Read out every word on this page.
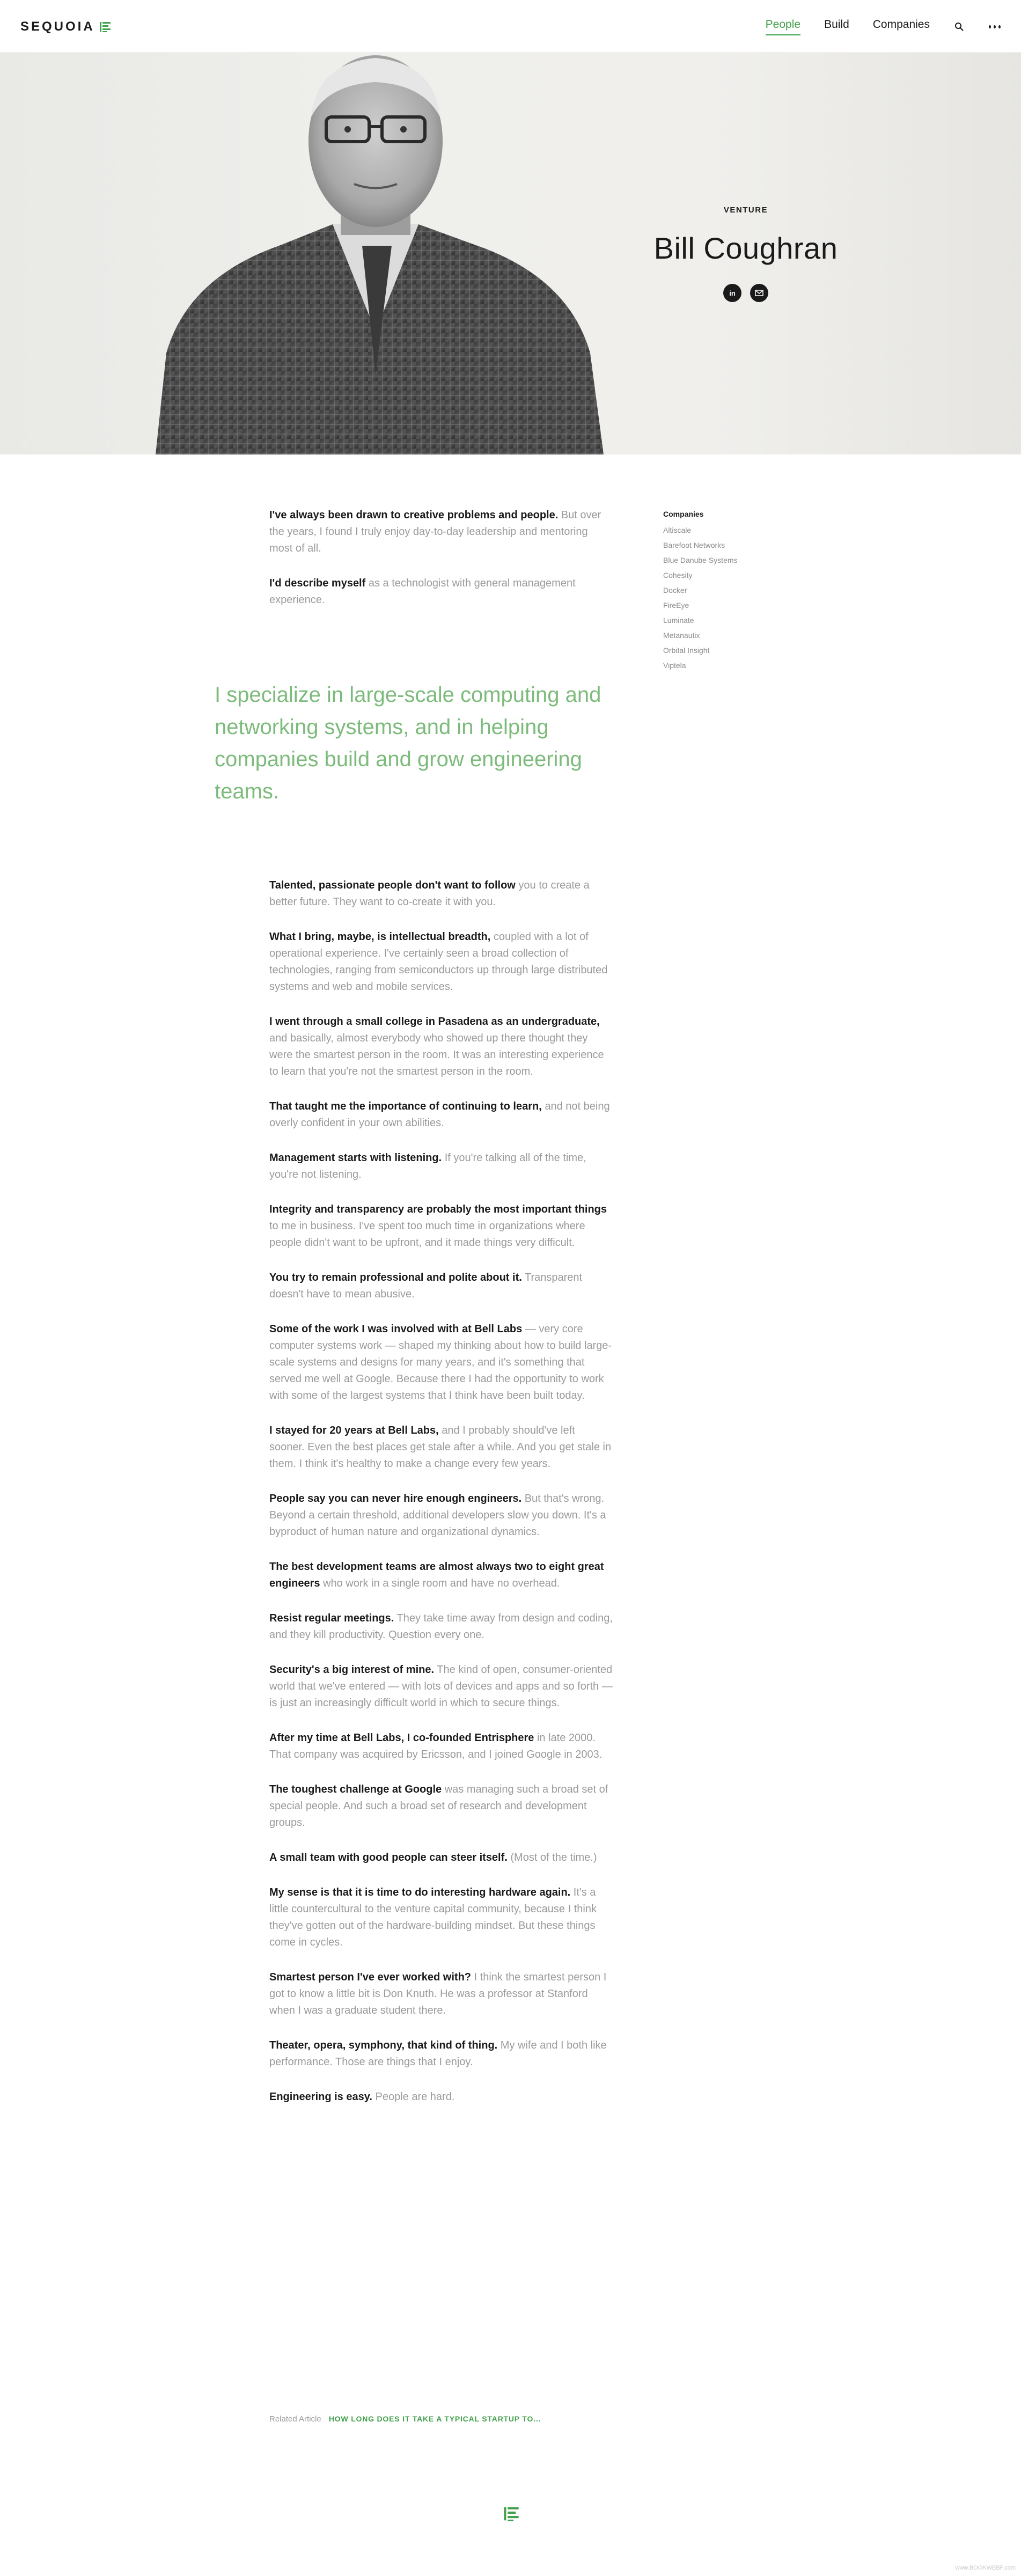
SEQUOIA	People Build Companies
VENTURE
Bill Coughran
in

I've always been drawn to creative problems and people. But over the years, I found I truly enjoy day-to-day leadership and mentoring most of all.

I'd describe myself as a technologist with general management experience.

Companies
Altiscale
Barefoot Networks
Blue Danube Systems
Cohesity
Docker
FireEye
Luminate
Metanautix
Orbital Insight
Viptela
I specialize in large-scale computing and networking systems, and in helping companies build and grow engineering teams.

Talented, passionate people don't want to follow you to create a better future. They want to co-create it with you.

What I bring, maybe, is intellectual breadth, coupled with a lot of operational experience. I've certainly seen a broad collection of technologies, ranging from semiconductors up through large distributed systems and web and mobile services.

I went through a small college in Pasadena as an undergraduate, and basically, almost everybody who showed up there thought they were the smartest person in the room. It was an interesting experience to learn that you're not the smartest person in the room.

That taught me the importance of continuing to learn, and not being overly confident in your own abilities.

Management starts with listening. If you're talking all of the time, you're not listening.

Integrity and transparency are probably the most important things to me in business. I've spent too much time in organizations where people didn't want to be upfront, and it made things very difficult.

You try to remain professional and polite about it. Transparent doesn't have to mean abusive.

Some of the work I was involved with at Bell Labs — very core computer systems work — shaped my thinking about how to build large-scale systems and designs for many years, and it's something that served me well at Google. Because there I had the opportunity to work with some of the largest systems that I think have been built today.

I stayed for 20 years at Bell Labs, and I probably should've left sooner. Even the best places get stale after a while. And you get stale in them. I think it's healthy to make a change every few years.

People say you can never hire enough engineers. But that's wrong. Beyond a certain threshold, additional developers slow you down. It's a byproduct of human nature and organizational dynamics.

The best development teams are almost always two to eight great engineers who work in a single room and have no overhead.

Resist regular meetings. They take time away from design and coding, and they kill productivity. Question every one.

Security's a big interest of mine. The kind of open, consumer-oriented world that we've entered — with lots of devices and apps and so forth — is just an increasingly difficult world in which to secure things.

After my time at Bell Labs, I co-founded Entrisphere in late 2000. That company was acquired by Ericsson, and I joined Google in 2003.

The toughest challenge at Google was managing such a broad set of special people. And such a broad set of research and development groups.

A small team with good people can steer itself. (Most of the time.)

My sense is that it is time to do interesting hardware again. It's a little countercultural to the venture capital community, because I think they've gotten out of the hardware-building mindset. But these things come in cycles.

Smartest person I've ever worked with? I think the smartest person I got to know a little bit is Don Knuth. He was a professor at Stanford when I was a graduate student there.

Theater, opera, symphony, that kind of thing. My wife and I both like performance. Those are things that I enjoy.

Engineering is easy. People are hard.

Related Article HOW LONG DOES IT TAKE A TYPICAL STARTUP TO...
www.BOOKWEBF.com
